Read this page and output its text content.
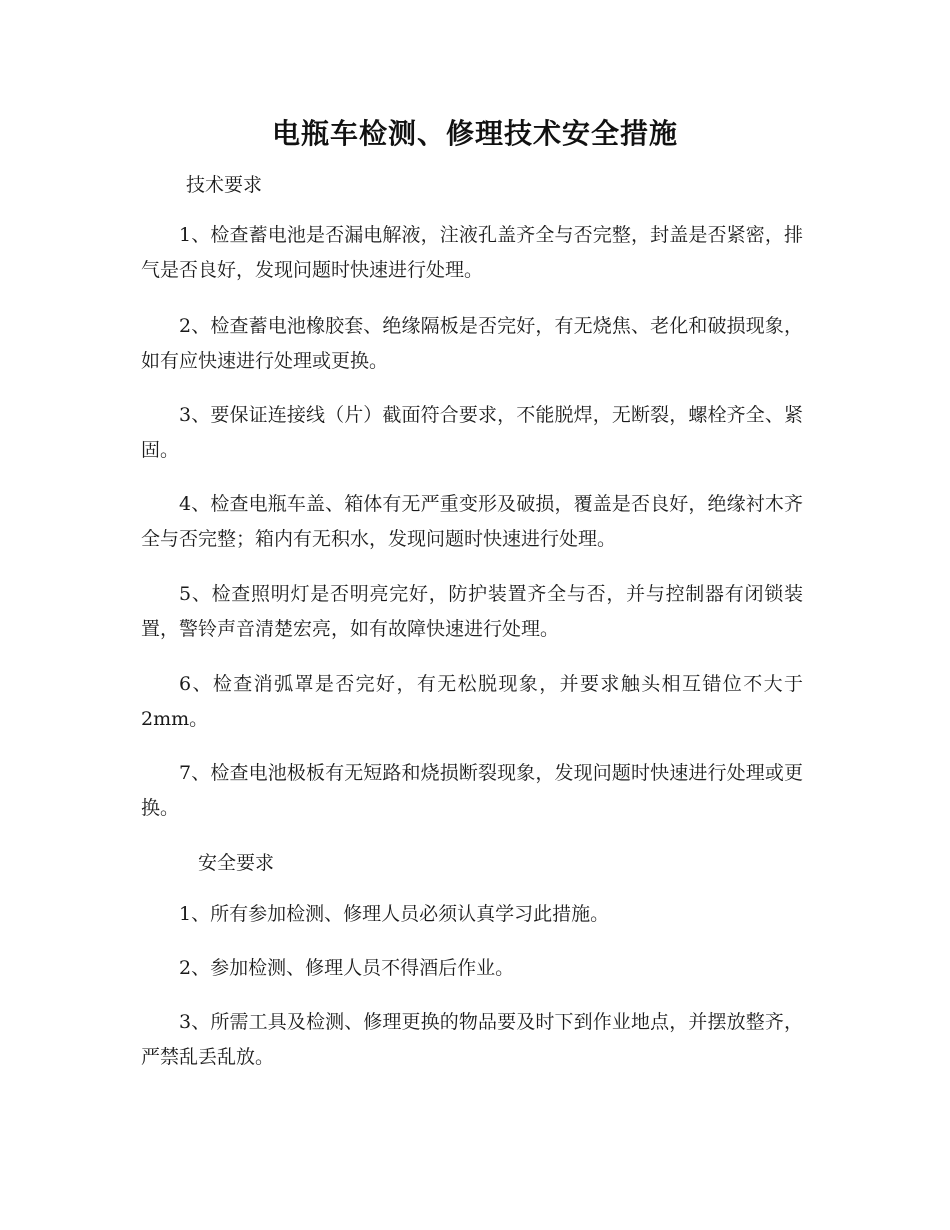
电瓶车检测、修理技术安全措施

技术要求

1、检查蓄电池是否漏电解液，注液孔盖齐全与否完整，封盖是否紧密，排气是否良好，发现问题时快速进行处理。

2、检查蓄电池橡胶套、绝缘隔板是否完好，有无烧焦、老化和破损现象，如有应快速进行处理或更换。

3、要保证连接线（片）截面符合要求，不能脱焊，无断裂，螺栓齐全、紧固。

4、检查电瓶车盖、箱体有无严重变形及破损，覆盖是否良好，绝缘衬木齐全与否完整；箱内有无积水，发现问题时快速进行处理。

5、检查照明灯是否明亮完好，防护装置齐全与否，并与控制器有闭锁装置，警铃声音清楚宏亮，如有故障快速进行处理。

6、检查消弧罩是否完好，有无松脱现象，并要求触头相互错位不大于2mm。

7、检查电池极板有无短路和烧损断裂现象，发现问题时快速进行处理或更换。

安全要求

1、所有参加检测、修理人员必须认真学习此措施。

2、参加检测、修理人员不得酒后作业。

3、所需工具及检测、修理更换的物品要及时下到作业地点，并摆放整齐，严禁乱丢乱放。
